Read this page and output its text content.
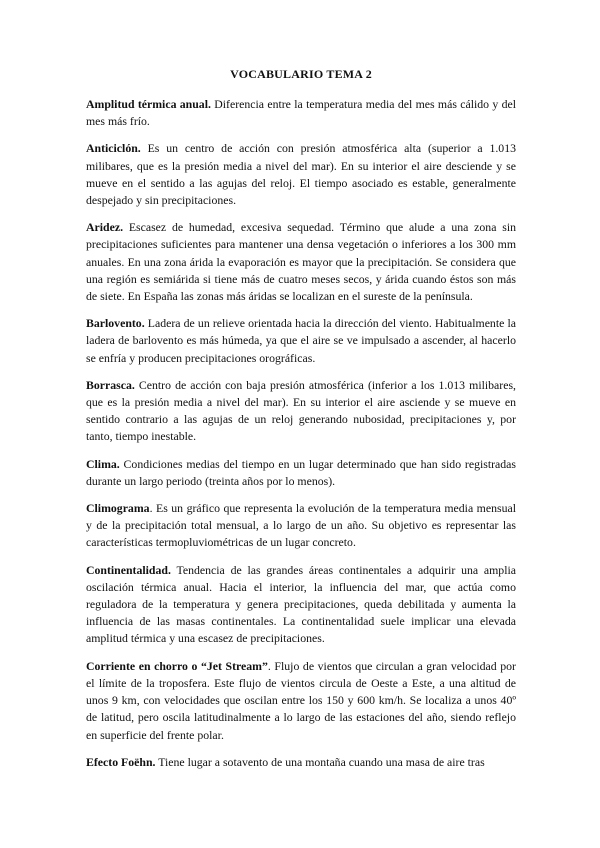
VOCABULARIO TEMA 2

Amplitud térmica anual. Diferencia entre la temperatura media del mes más cálido y del mes más frío.

Anticiclón. Es un centro de acción con presión atmosférica alta (superior a 1.013 milibares, que es la presión media a nivel del mar). En su interior el aire desciende y se mueve en el sentido a las agujas del reloj. El tiempo asociado es estable, generalmente despejado y sin precipitaciones.

Aridez. Escasez de humedad, excesiva sequedad. Término que alude a una zona sin precipitaciones suficientes para mantener una densa vegetación o inferiores a los 300 mm anuales. En una zona árida la evaporación es mayor que la precipitación. Se considera que una región es semiárida si tiene más de cuatro meses secos, y árida cuando éstos son más de siete. En España las zonas más áridas se localizan en el sureste de la península.

Barlovento. Ladera de un relieve orientada hacia la dirección del viento. Habitualmente la ladera de barlovento es más húmeda, ya que el aire se ve impulsado a ascender, al hacerlo se enfría y producen precipitaciones orográficas.

Borrasca. Centro de acción con baja presión atmosférica (inferior a los 1.013 milibares, que es la presión media a nivel del mar). En su interior el aire asciende y se mueve en sentido contrario a las agujas de un reloj generando nubosidad, precipitaciones y, por tanto, tiempo inestable.

Clima. Condiciones medias del tiempo en un lugar determinado que han sido registradas durante un largo periodo (treinta años por lo menos).

Climograma. Es un gráfico que representa la evolución de la temperatura media mensual y de la precipitación total mensual, a lo largo de un año. Su objetivo es representar las características termopluviométricas de un lugar concreto.

Continentalidad. Tendencia de las grandes áreas continentales a adquirir una amplia oscilación térmica anual. Hacia el interior, la influencia del mar, que actúa como reguladora de la temperatura y genera precipitaciones, queda debilitada y aumenta la influencia de las masas continentales. La continentalidad suele implicar una elevada amplitud térmica y una escasez de precipitaciones.

Corriente en chorro o “Jet Stream”. Flujo de vientos que circulan a gran velocidad por el límite de la troposfera. Este flujo de vientos circula de Oeste a Este, a una altitud de unos 9 km, con velocidades que oscilan entre los 150 y 600 km/h. Se localiza a unos 40º de latitud, pero oscila latitudinalmente a lo largo de las estaciones del año, siendo reflejo en superficie del frente polar.

Efecto Foëhn. Tiene lugar a sotavento de una montaña cuando una masa de aire tras
